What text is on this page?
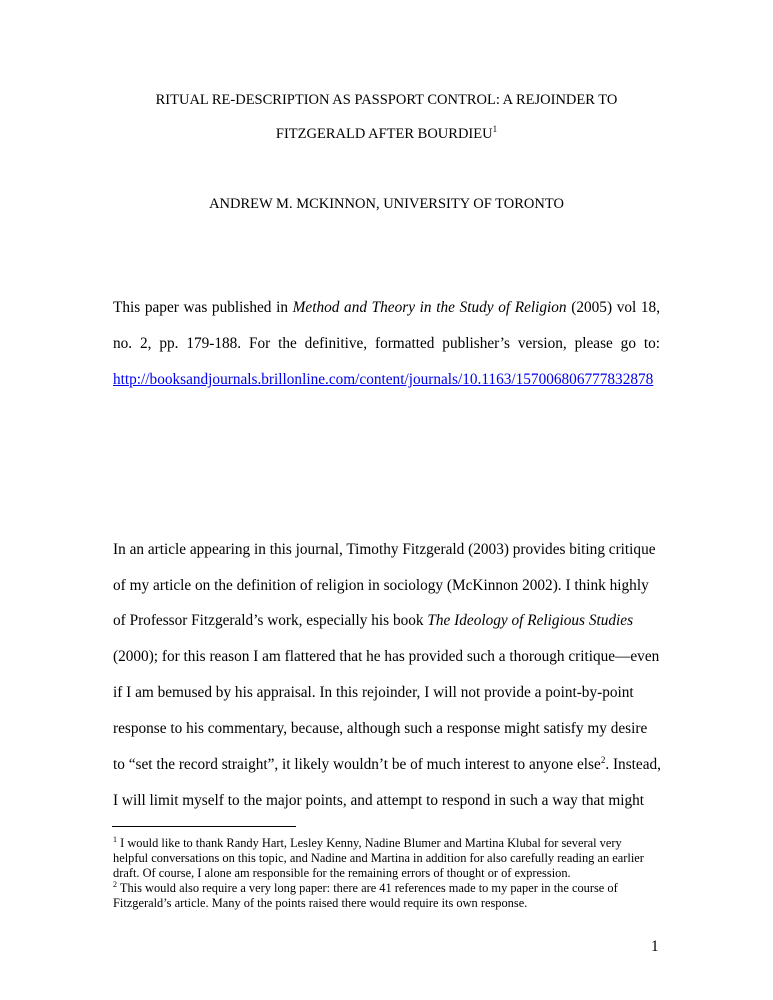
RITUAL RE-DESCRIPTION AS PASSPORT CONTROL: A REJOINDER TO
FITZGERALD AFTER BOURDIEU$^1$
ANDREW M. MCKINNON, UNIVERSITY OF TORONTO
This paper was published in Method and Theory in the Study of Religion (2005) vol 18,
no. 2, pp. 179-188. For the definitive, formatted publisher’s version, please go to:
http://booksandjournals.brillonline.com/content/journals/10.1163/157006806777832878
In an article appearing in this journal, Timothy Fitzgerald (2003) provides biting critique
of my article on the definition of religion in sociology (McKinnon 2002). I think highly
of Professor Fitzgerald’s work, especially his book The Ideology of Religious Studies
(2000); for this reason I am flattered that he has provided such a thorough critique—even
if I am bemused by his appraisal. In this rejoinder, I will not provide a point-by-point
response to his commentary, because, although such a response might satisfy my desire
to “set the record straight”, it likely wouldn’t be of much interest to anyone else$^2$. Instead,
I will limit myself to the major points, and attempt to respond in such a way that might
$^1$ I would like to thank Randy Hart, Lesley Kenny, Nadine Blumer and Martina Klubal for several very
helpful conversations on this topic, and Nadine and Martina in addition for also carefully reading an earlier
draft. Of course, I alone am responsible for the remaining errors of thought or of expression.
$^2$ This would also require a very long paper: there are 41 references made to my paper in the course of
Fitzgerald’s article. Many of the points raised there would require its own response.
1
